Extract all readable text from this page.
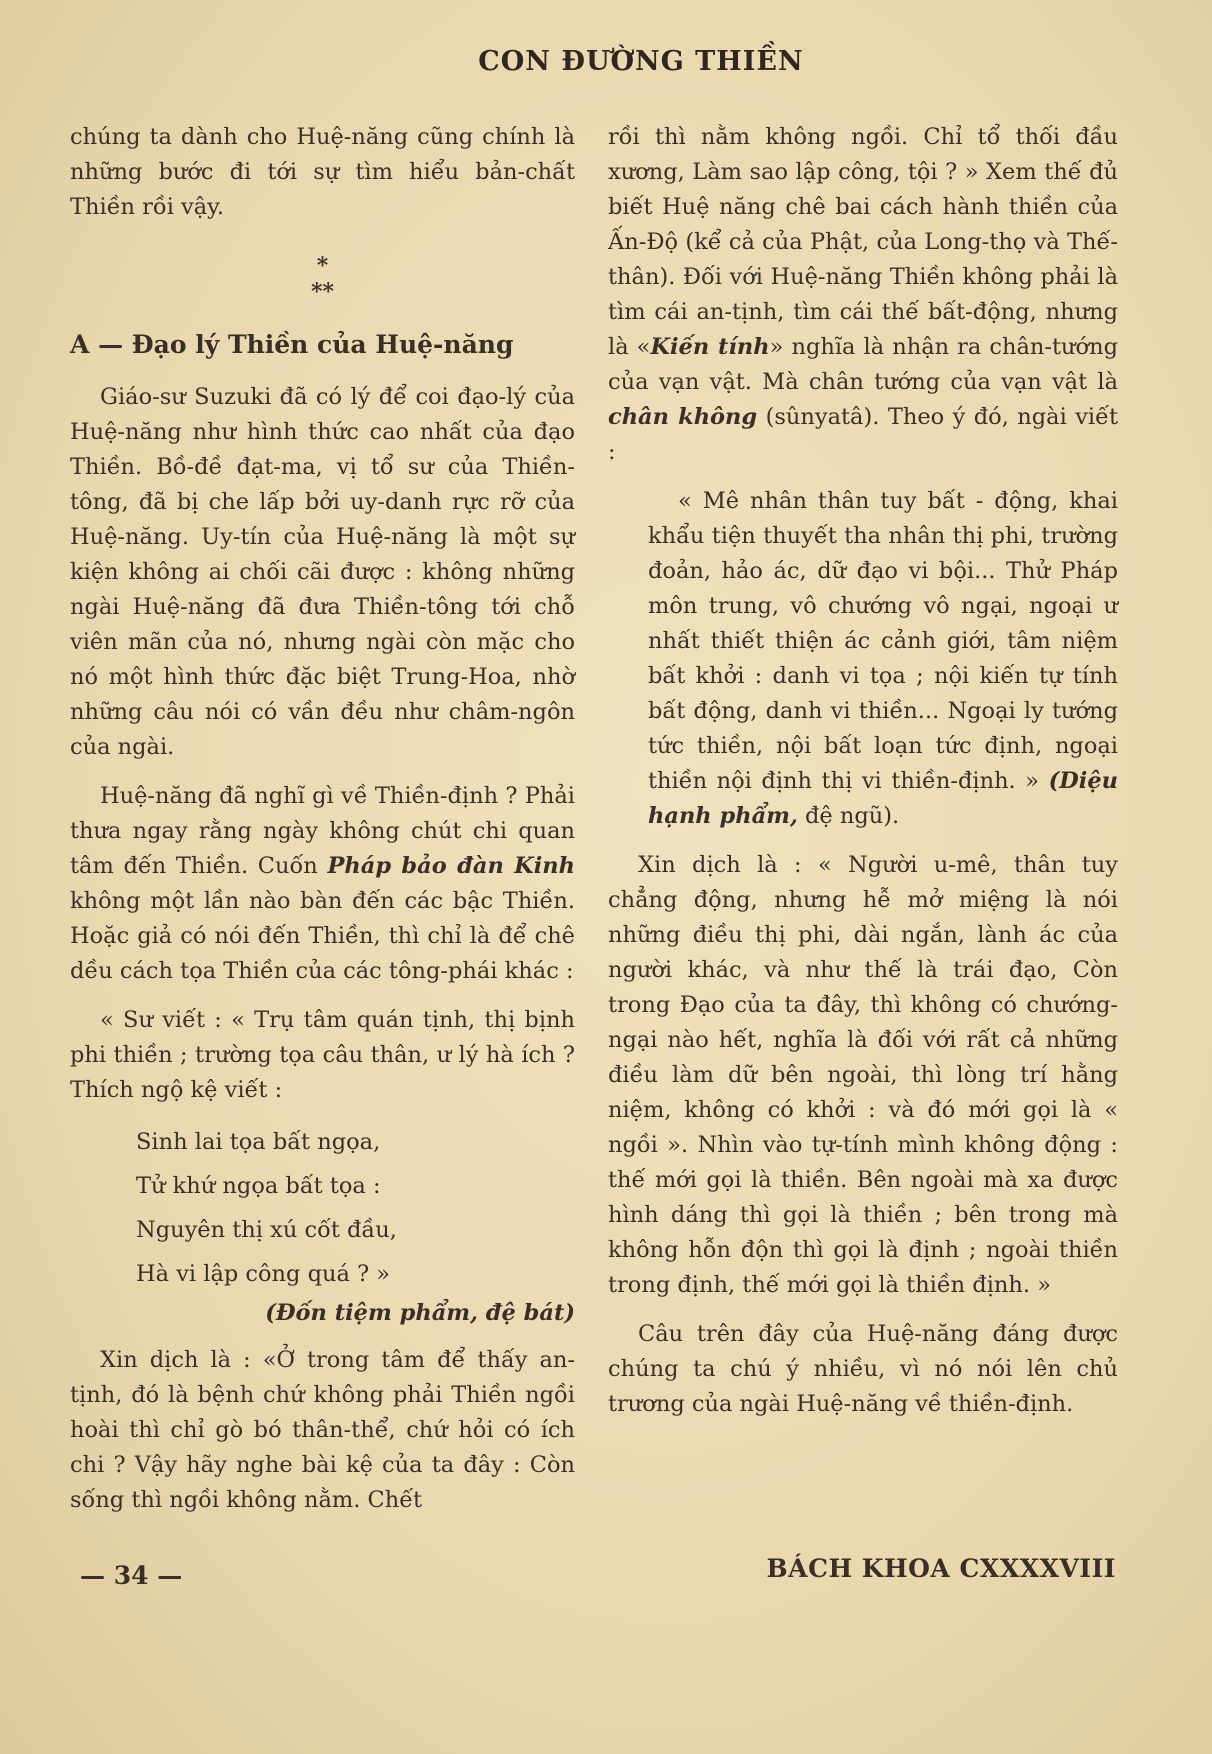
CON ĐƯỜNG THIỀN

chúng ta dành cho Huệ-năng cũng chính là những bước đi tới sự tìm hiểu bản-chất Thiền rồi vậy.

*
**
A — Đạo lý Thiền của Huệ-năng

Giáo-sư Suzuki đã có lý để coi đạo-lý của Huệ-năng như hình thức cao nhất của đạo Thiền. Bồ-đề đạt-ma, vị tổ sư của Thiền-tông, đã bị che lấp bởi uy-danh rực rỡ của Huệ-năng. Uy-tín của Huệ-năng là một sự kiện không ai chối cãi được : không những ngài Huệ-năng đã đưa Thiền-tông tới chỗ viên mãn của nó, nhưng ngài còn mặc cho nó một hình thức đặc biệt Trung-Hoa, nhờ những câu nói có vần đều như châm-ngôn của ngài.

Huệ-năng đã nghĩ gì về Thiền-định ? Phải thưa ngay rằng ngày không chút chi quan tâm đến Thiền. Cuốn Pháp bảo đàn Kinh không một lần nào bàn đến các bậc Thiền. Hoặc giả có nói đến Thiền, thì chỉ là để chê dều cách tọa Thiền của các tông-phái khác :

« Sư viết : « Trụ tâm quán tịnh, thị bịnh phi thiền ; trường tọa câu thân, ư lý hà ích ? Thích ngộ kệ viết :

Sinh lai tọa bất ngọa,
Tử khứ ngọa bất tọa :
Nguyên thị xú cốt đầu,
Hà vi lập công quá ? »
(Đốn tiệm phẩm, đệ bát)

Xin dịch là : «Ở trong tâm để thấy an-tịnh, đó là bệnh chứ không phải Thiền ngồi hoài thì chỉ gò bó thân-thể, chứ hỏi có ích chi ? Vậy hãy nghe bài kệ của ta đây : Còn sống thì ngồi không nằm. Chết

rồi thì nằm không ngồi. Chỉ tổ thối đầu xương, Làm sao lập công, tội ? » Xem thế đủ biết Huệ năng chê bai cách hành thiền của Ấn-Độ (kể cả của Phật, của Long-thọ và Thế-thân). Đối với Huệ-năng Thiền không phải là tìm cái an-tịnh, tìm cái thế bất-động, nhưng là «Kiến tính» nghĩa là nhận ra chân-tướng của vạn vật. Mà chân tướng của vạn vật là chân không (sûnyatâ). Theo ý đó, ngài viết :

« Mê nhân thân tuy bất - động, khai khẩu tiện thuyết tha nhân thị phi, trường đoản, hảo ác, dữ đạo vi bội... Thử Pháp môn trung, vô chướng vô ngại, ngoại ư nhất thiết thiện ác cảnh giới, tâm niệm bất khởi : danh vi tọa ; nội kiến tự tính bất động, danh vi thiền... Ngoại ly tướng tức thiền, nội bất loạn tức định, ngoại thiền nội định thị vi thiền-định. » (Diệu hạnh phẩm, đệ ngũ).

Xin dịch là : « Người u-mê, thân tuy chẳng động, nhưng hễ mở miệng là nói những điều thị phi, dài ngắn, lành ác của người khác, và như thế là trái đạo, Còn trong Đạo của ta đây, thì không có chướng-ngại nào hết, nghĩa là đối với rất cả những điều làm dữ bên ngoài, thì lòng trí hằng niệm, không có khởi : và đó mới gọi là « ngồi ». Nhìn vào tự-tính mình không động : thế mới gọi là thiền. Bên ngoài mà xa được hình dáng thì gọi là thiền ; bên trong mà không hỗn độn thì gọi là định ; ngoài thiền trong định, thế mới gọi là thiền định. »

Câu trên đây của Huệ-năng đáng được chúng ta chú ý nhiều, vì nó nói lên chủ trương của ngài Huệ-năng về thiền-định.

— 34 —	BÁCH KHOA CXXXXVIII
